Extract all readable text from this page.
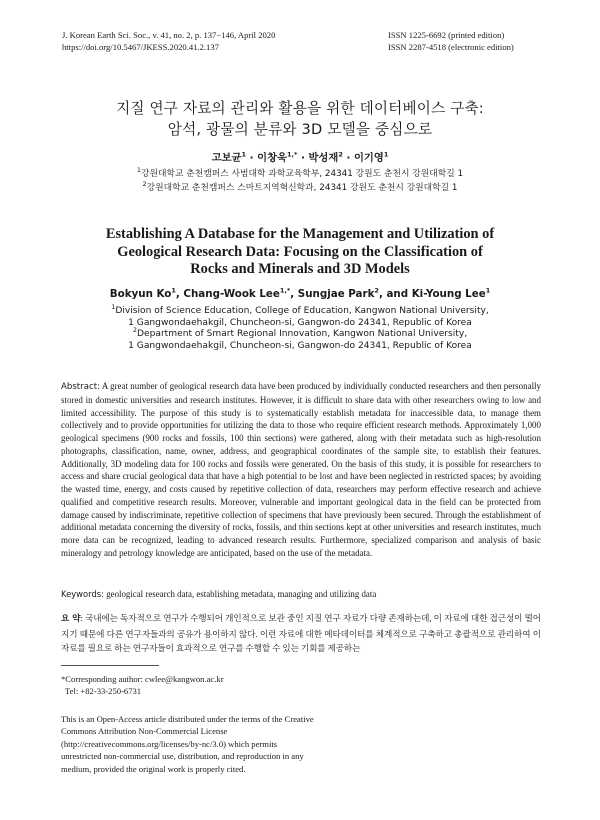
J. Korean Earth Sci. Soc., v. 41, no. 2, p. 137−146, April 2020
https://doi.org/10.5467/JKESS.2020.41.2.137
ISSN 1225-6692 (printed edition)
ISSN 2287-4518 (electronic edition)
지질 연구 자료의 관리와 활용을 위한 데이터베이스 구축:
암석, 광물의 분류와 3D 모델을 중심으로
고보균$^1$ · 이창욱$^{1,*}$ · 박성재$^2$ · 이기영$^1$
$^1$강원대학교 춘천캠퍼스 사범대학 과학교육학부, 24341 강원도 춘천시 강원대학길 1
$^2$강원대학교 춘천캠퍼스 스마트지역혁신학과, 24341 강원도 춘천시 강원대학길 1
Establishing A Database for the Management and Utilization of
Geological Research Data: Focusing on the Classification of
Rocks and Minerals and 3D Models
Bokyun Ko$^1$, Chang-Wook Lee$^{1,*}$, Sungjae Park$^2$, and Ki-Young Lee$^1$
$^1$Division of Science Education, College of Education, Kangwon National University,
1 Gangwondaehakgil, Chuncheon-si, Gangwon-do 24341, Republic of Korea
$^2$Department of Smart Regional Innovation, Kangwon National University,
1 Gangwondaehakgil, Chuncheon-si, Gangwon-do 24341, Republic of Korea
Abstract: A great number of geological research data have been produced by individually conducted researchers and then personally stored in domestic universities and research institutes. However, it is difficult to share data with other researchers owing to low and limited accessibility. The purpose of this study is to systematically establish metadata for inaccessible data, to manage them collectively and to provide opportunities for utilizing the data to those who require efficient research methods. Approximately 1,000 geological specimens (900 rocks and fossils, 100 thin sections) were gathered, along with their metadata such as high-resolution photographs, classification, name, owner, address, and geographical coordinates of the sample site, to establish their features. Additionally, 3D modeling data for 100 rocks and fossils were generated. On the basis of this study, it is possible for researchers to access and share crucial geological data that have a high potential to be lost and have been neglected in restricted spaces; by avoiding the wasted time, energy, and costs caused by repetitive collection of data, researchers may perform effective research and achieve qualified and competitive research results. Moreover, vulnerable and important geological data in the field can be protected from damage caused by indiscriminate, repetitive collection of specimens that have previously been secured. Through the establishment of additional metadata concerning the diversity of rocks, fossils, and thin sections kept at other universities and research institutes, much more data can be recognized, leading to advanced research results. Furthermore, specialized comparison and analysis of basic mineralogy and petrology knowledge are anticipated, based on the use of the metadata.
Keywords: geological research data, establishing metadata, managing and utilizing data
요 약: 국내에는 독자적으로 연구가 수행되어 개인적으로 보관 중인 지질 연구 자료가 다량 존재하는데, 이 자료에 대한 접근성이 떨어지기 때문에 다른 연구자들과의 공유가 용이하지 않다. 이런 자료에 대한 메타데이터를 체계적으로 구축하고 총괄적으로 관리하여 이 자료를 필요로 하는 연구자들이 효과적으로 연구를 수행할 수 있는 기회를 제공하는
*Corresponding author: cwlee@kangwon.ac.kr
Tel: +82-33-250-6731
This is an Open-Access article distributed under the terms of the Creative Commons Attribution Non-Commercial License (http://creativecommons.org/licenses/by-nc/3.0) which permits unrestricted non-commercial use, distribution, and reproduction in any medium, provided the original work is properly cited.
